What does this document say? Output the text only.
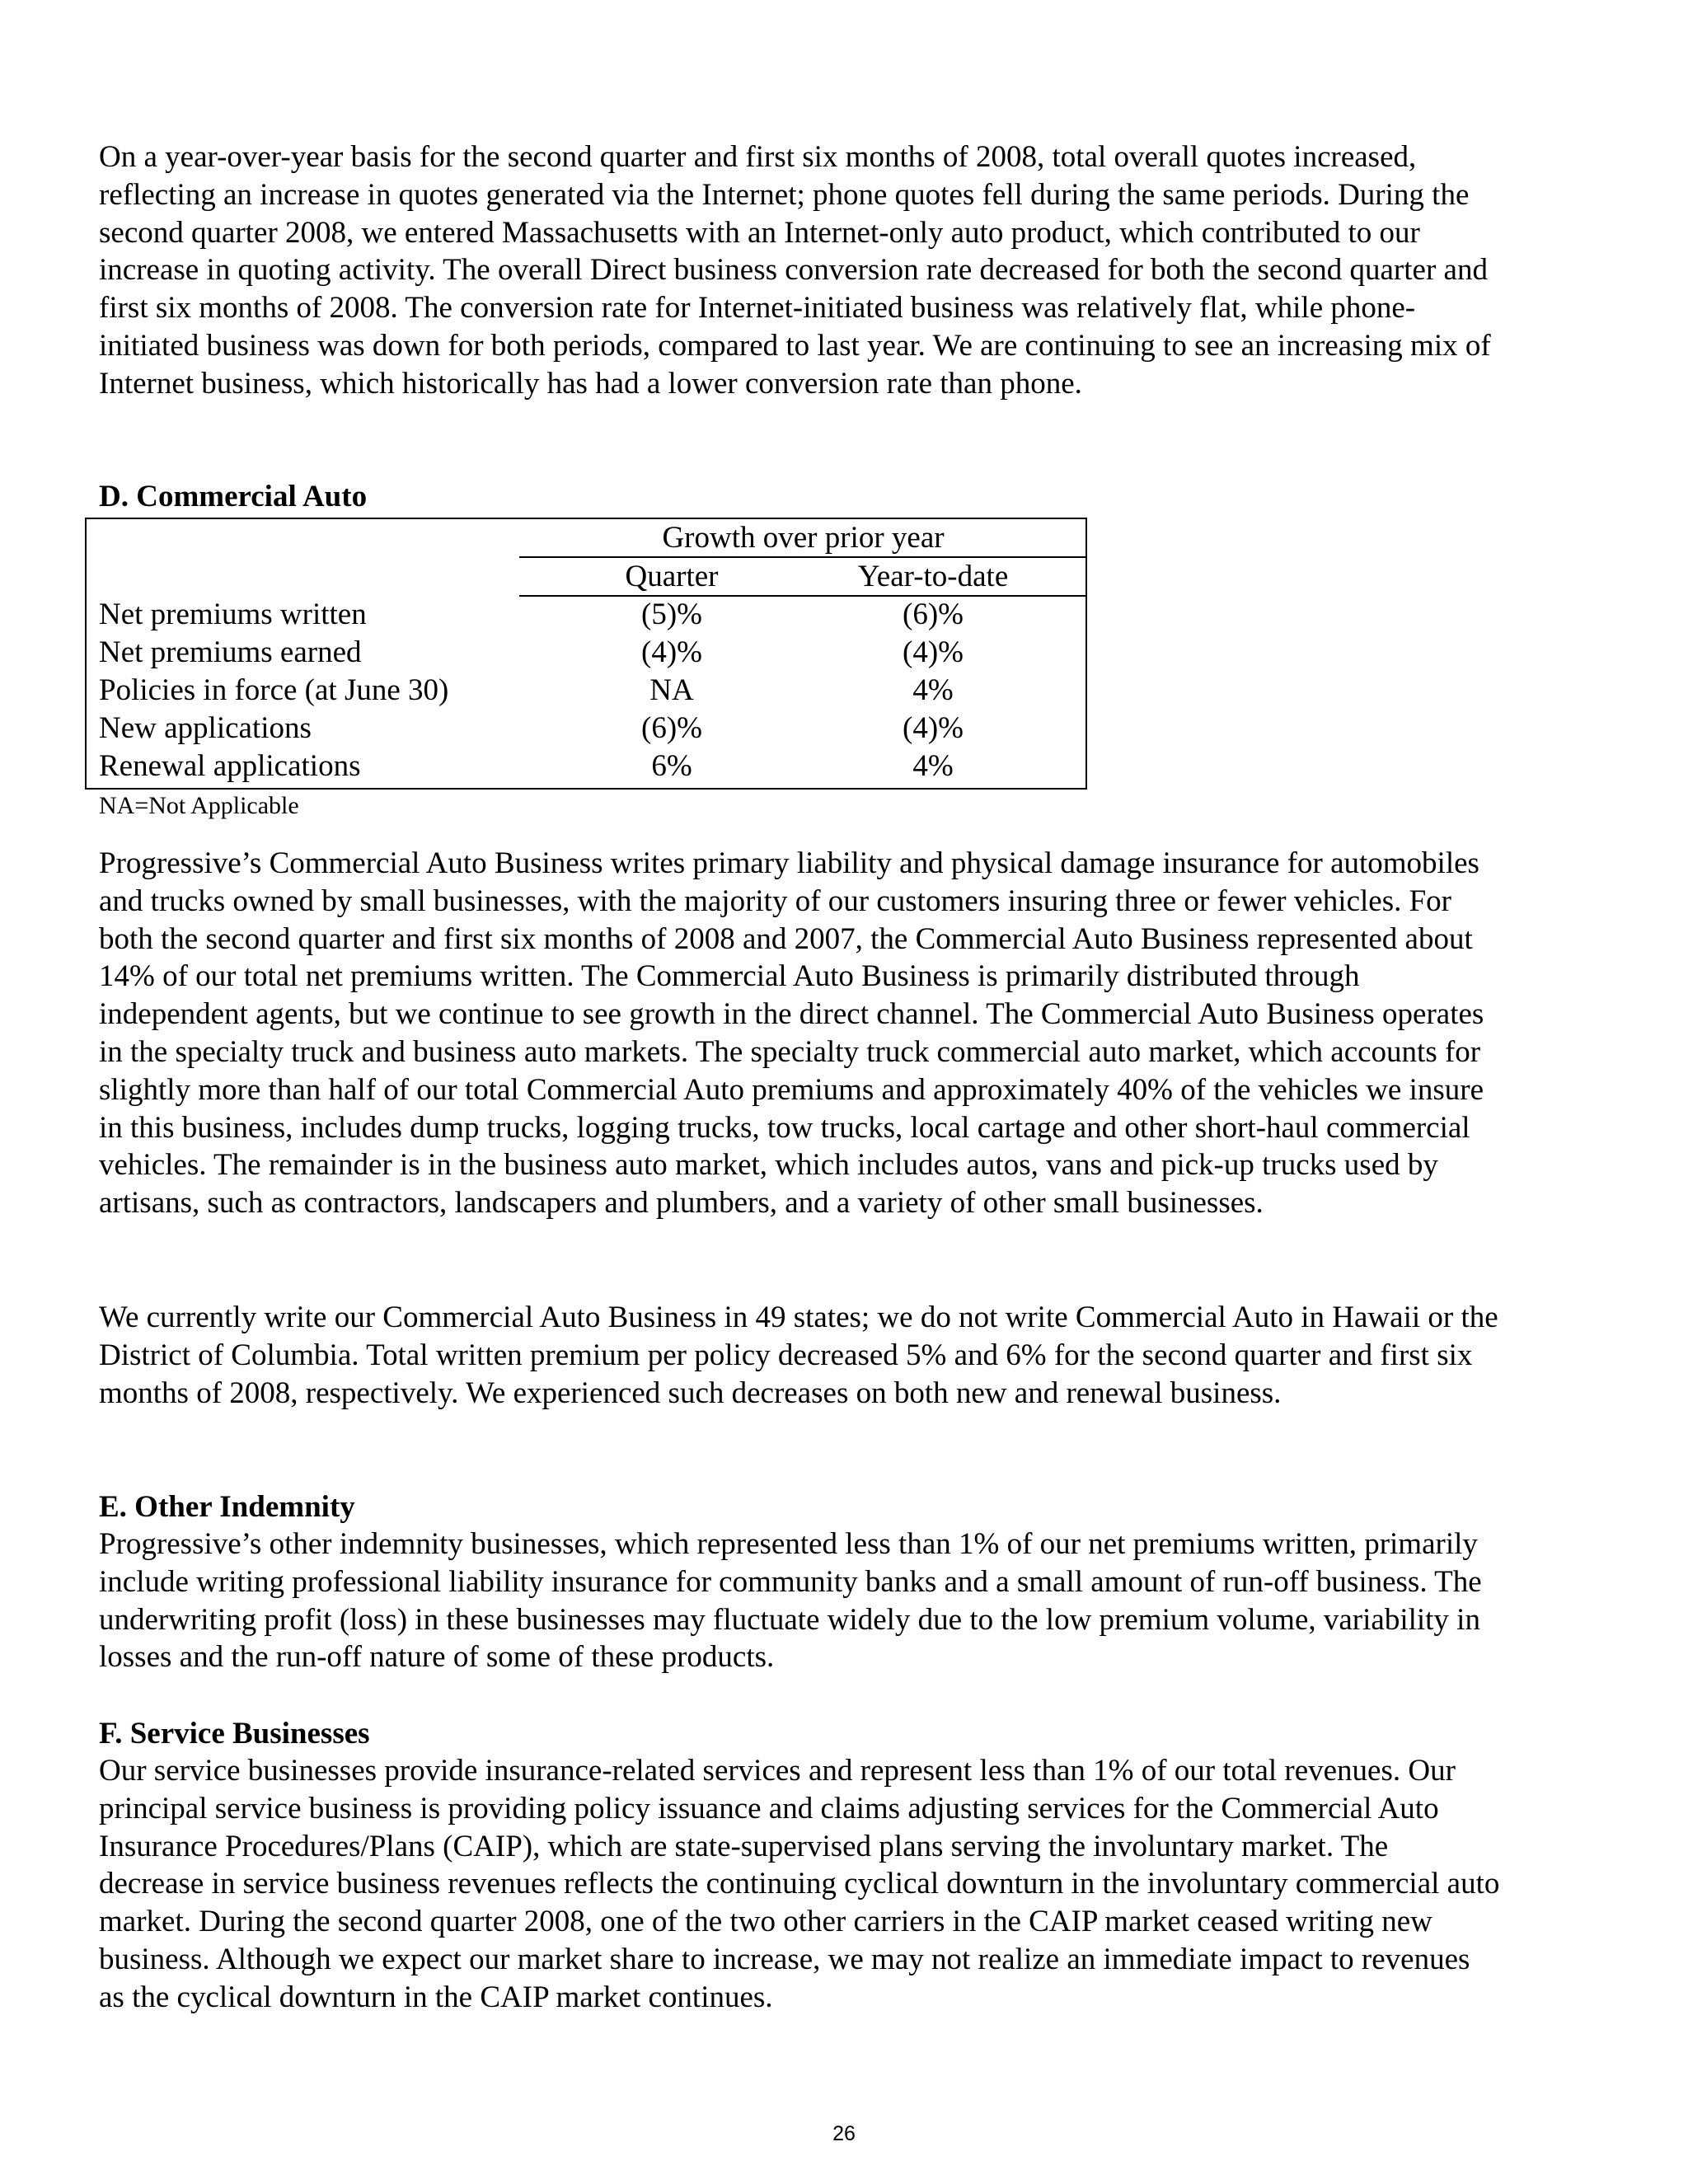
On a year-over-year basis for the second quarter and first six months of 2008, total overall quotes increased, reflecting an increase in quotes generated via the Internet; phone quotes fell during the same periods. During the second quarter 2008, we entered Massachusetts with an Internet-only auto product, which contributed to our increase in quoting activity. The overall Direct business conversion rate decreased for both the second quarter and first six months of 2008. The conversion rate for Internet-initiated business was relatively flat, while phone-initiated business was down for both periods, compared to last year. We are continuing to see an increasing mix of Internet business, which historically has had a lower conversion rate than phone.

D. Commercial Auto
Growth over prior year
Quarter	Year-to-date
Net premiums written	(5)%	(6)%
Net premiums earned	(4)%	(4)%
Policies in force (at June 30)	NA	4%
New applications	(6)%	(4)%
Renewal applications	6%	4%
NA=Not Applicable

Progressive’s Commercial Auto Business writes primary liability and physical damage insurance for automobiles and trucks owned by small businesses, with the majority of our customers insuring three or fewer vehicles. For both the second quarter and first six months of 2008 and 2007, the Commercial Auto Business represented about 14% of our total net premiums written. The Commercial Auto Business is primarily distributed through independent agents, but we continue to see growth in the direct channel. The Commercial Auto Business operates in the specialty truck and business auto markets. The specialty truck commercial auto market, which accounts for slightly more than half of our total Commercial Auto premiums and approximately 40% of the vehicles we insure in this business, includes dump trucks, logging trucks, tow trucks, local cartage and other short-haul commercial vehicles. The remainder is in the business auto market, which includes autos, vans and pick-up trucks used by artisans, such as contractors, landscapers and plumbers, and a variety of other small businesses.

We currently write our Commercial Auto Business in 49 states; we do not write Commercial Auto in Hawaii or the District of Columbia. Total written premium per policy decreased 5% and 6% for the second quarter and first six months of 2008, respectively. We experienced such decreases on both new and renewal business.

E. Other Indemnity

Progressive’s other indemnity businesses, which represented less than 1% of our net premiums written, primarily include writing professional liability insurance for community banks and a small amount of run-off business. The underwriting profit (loss) in these businesses may fluctuate widely due to the low premium volume, variability in losses and the run-off nature of some of these products.

F. Service Businesses

Our service businesses provide insurance-related services and represent less than 1% of our total revenues. Our principal service business is providing policy issuance and claims adjusting services for the Commercial Auto Insurance Procedures/Plans (CAIP), which are state-supervised plans serving the involuntary market. The decrease in service business revenues reflects the continuing cyclical downturn in the involuntary commercial auto market. During the second quarter 2008, one of the two other carriers in the CAIP market ceased writing new business. Although we expect our market share to increase, we may not realize an immediate impact to revenues as the cyclical downturn in the CAIP market continues.

26
